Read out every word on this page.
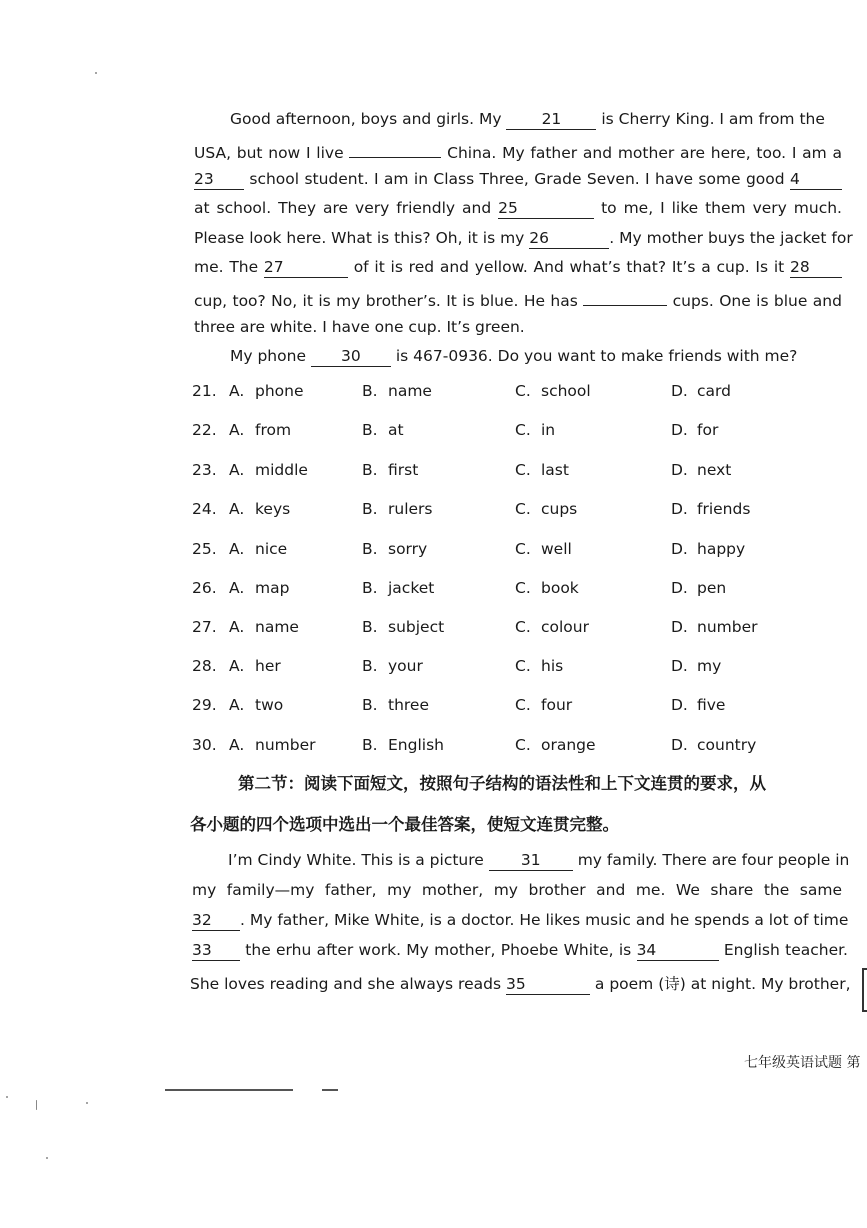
Good afternoon, boys and girls. My	21	is Cherry King. I am from the
USA, but now I live	China. My father and mother are here, too. I am a
23 school student. I am in Class Three, Grade Seven. I have some good 4
at school. They are very friendly and 25	to me, I like them very much.
Please look here. What is this? Oh, it is my 26	. My mother buys the jacket for
me. The 27	of it is red and yellow. And what’s that? It’s a cup. Is it 28
cup, too? No, it is my brother’s. It is blue. He has	cups. One is blue and
three are white. I have one cup. It’s green.
My phone 30 is 467-0936. Do you want to make friends with me?
21. A. phone	B. name	C. school	D. card
22. A. from	B. at	C. in	D. for
23. A. middle	B. first	C. last	D. next
24. A. keys	B. rulers	C. cups	D. friends
25. A. nice	B. sorry	C. well	D. happy
26. A. map	B. jacket	C. book	D. pen
27. A. name	B. subject	C. colour	D. number
28. A. her	B. your	C. his	D. my
29. A. two	B. three	C. four	D. five
30. A. number	B. English	C. orange	D. country
第二节：阅读下面短文，按照句子结构的语法性和上下文连贯的要求，从
各小题的四个选项中选出一个最佳答案，使短文连贯完整。
I’m Cindy White. This is a picture 31 my family. There are four people in
my family—my father, my mother, my brother and me. We share the same
32 . My father, Mike White, is a doctor. He likes music and he spends a lot of time
33 the erhu after work. My mother, Phoebe White, is 34	English teacher.
She loves reading and she always reads 35	a poem (诗) at night. My brother,
七年级英语试题 第
